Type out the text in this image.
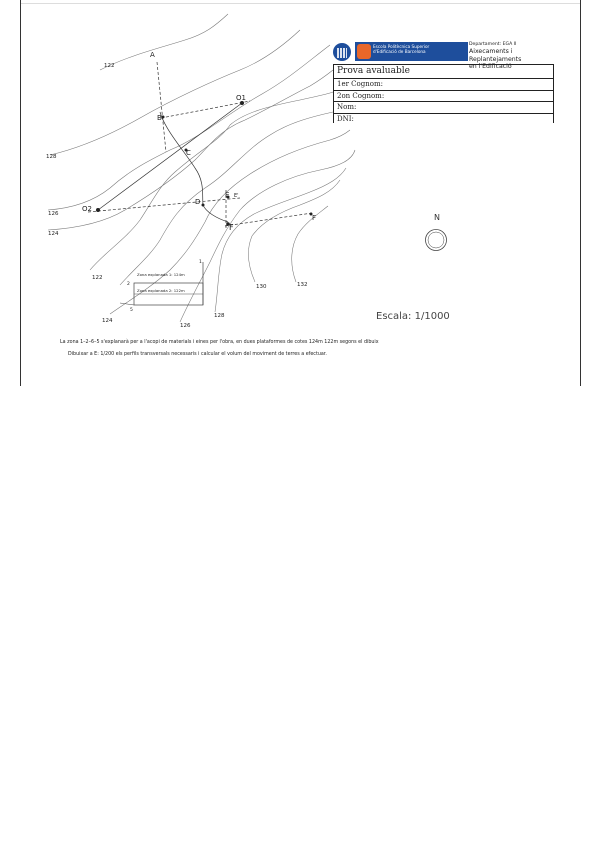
Zona explanada 1: 124m
Zona explanada 2: 122m
A
B
C
D
E
F
F
O1
O2
E'
1
2
5
122
128
126
124
122
124
126
128
130	132
N
Escola Politècnica Superior
d'Edificació de Barcelona
Departament: EGA II
Aixecaments i Replantejaments
en l'Edificació
Prova avaluable
1er Cognom:
2on Cognom:
Nom:
DNI:
Escala: 1/1000
La zona 1–2–6–5 s'explanarà per a l'acopi de materials i eines per l'obra, en dues plataformes de cotes 124m 122m segons el dibuix
Dibuixar a E: 1/200 els perfils transversals necessaris i calcular el volum del moviment de terres a efectuar.
